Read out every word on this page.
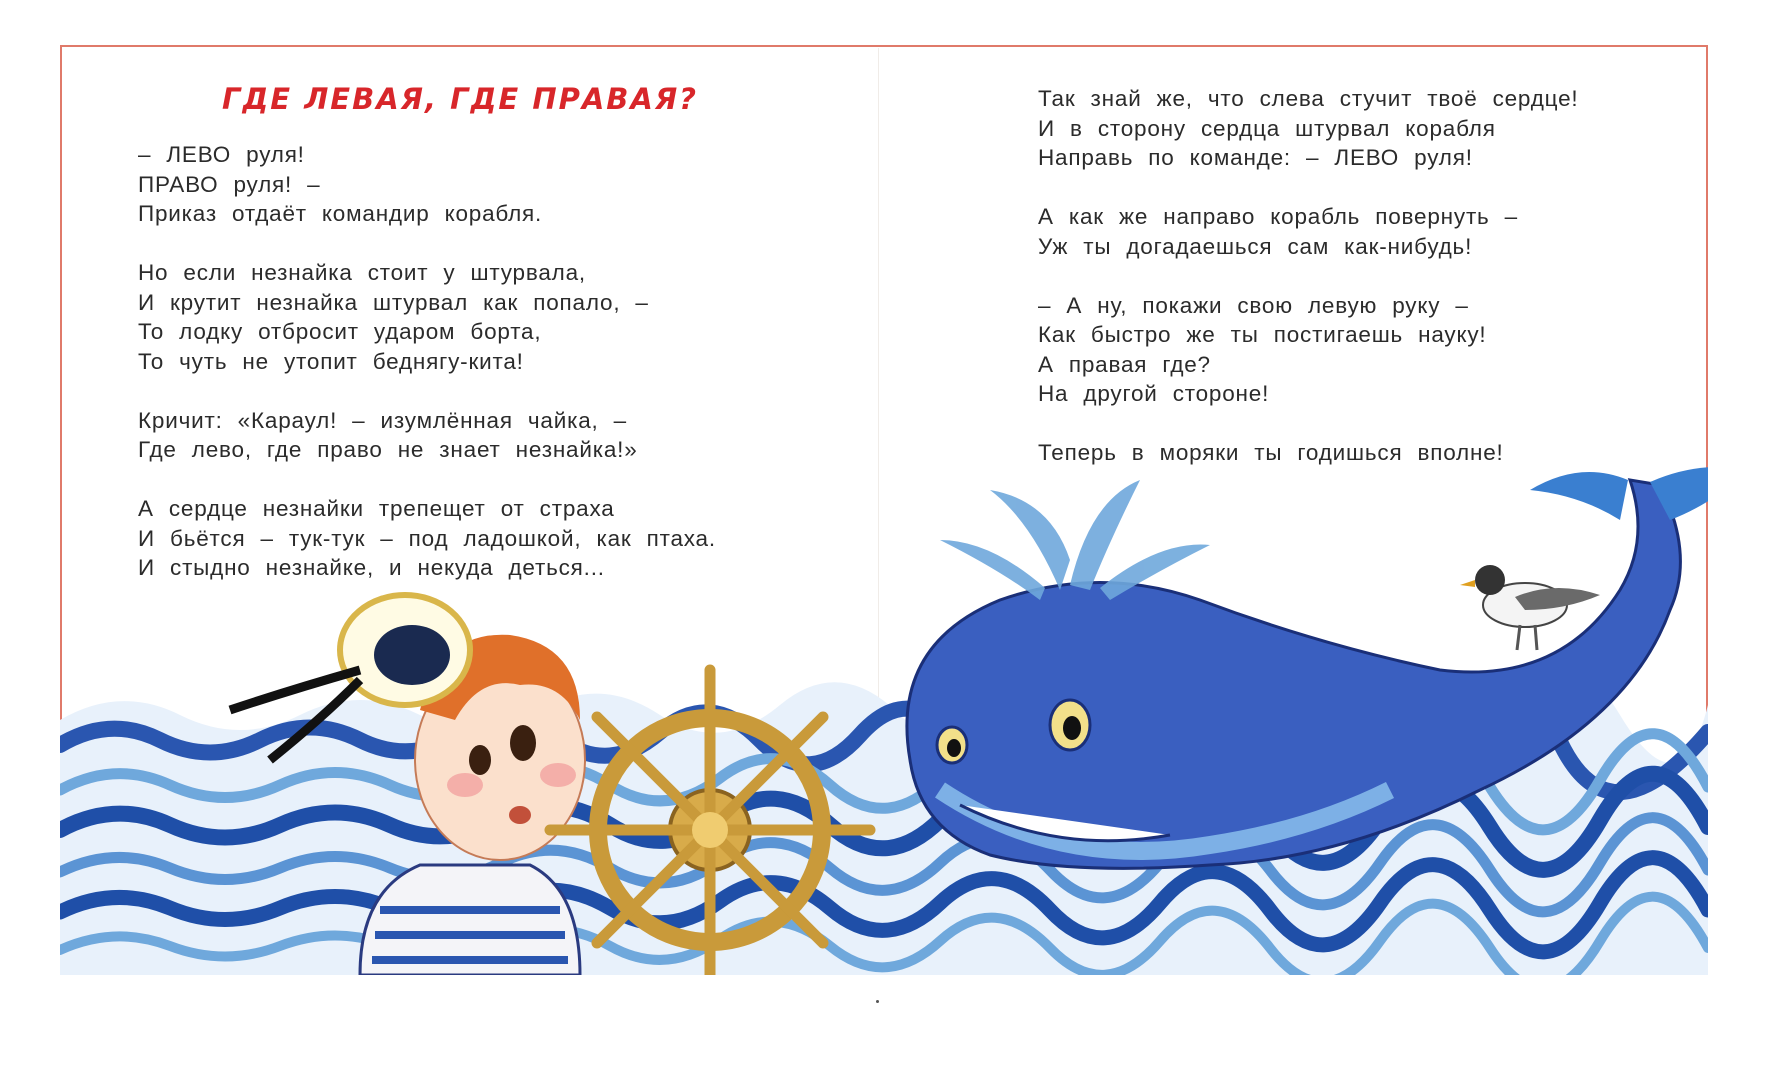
ГДЕ ЛЕВАЯ, ГДЕ ПРАВАЯ?
– ЛЕВО руля!
ПРАВО руля! –
Приказ отдаёт командир корабля.
Но если незнайка стоит у штурвала,
И крутит незнайка штурвал как попало, –
То лодку отбросит ударом борта,
То чуть не утопит беднягу-кита!
Кричит: «Караул! – изумлённая чайка, –
Где лево, где право не знает незнайка!»
А сердце незнайки трепещет от страха
И бьётся – тук-тук – под ладошкой, как птаха.
И стыдно незнайке, и некуда деться...
Так знай же, что слева стучит твоё сердце!
И в сторону сердца штурвал корабля
Направь по команде: – ЛЕВО руля!
А как же направо корабль повернуть –
Уж ты догадаешься сам как-нибудь!
– А ну, покажи свою левую руку –
Как быстро же ты постигаешь науку!
А правая где?
На другой стороне!
Теперь в моряки ты годишься вполне!
